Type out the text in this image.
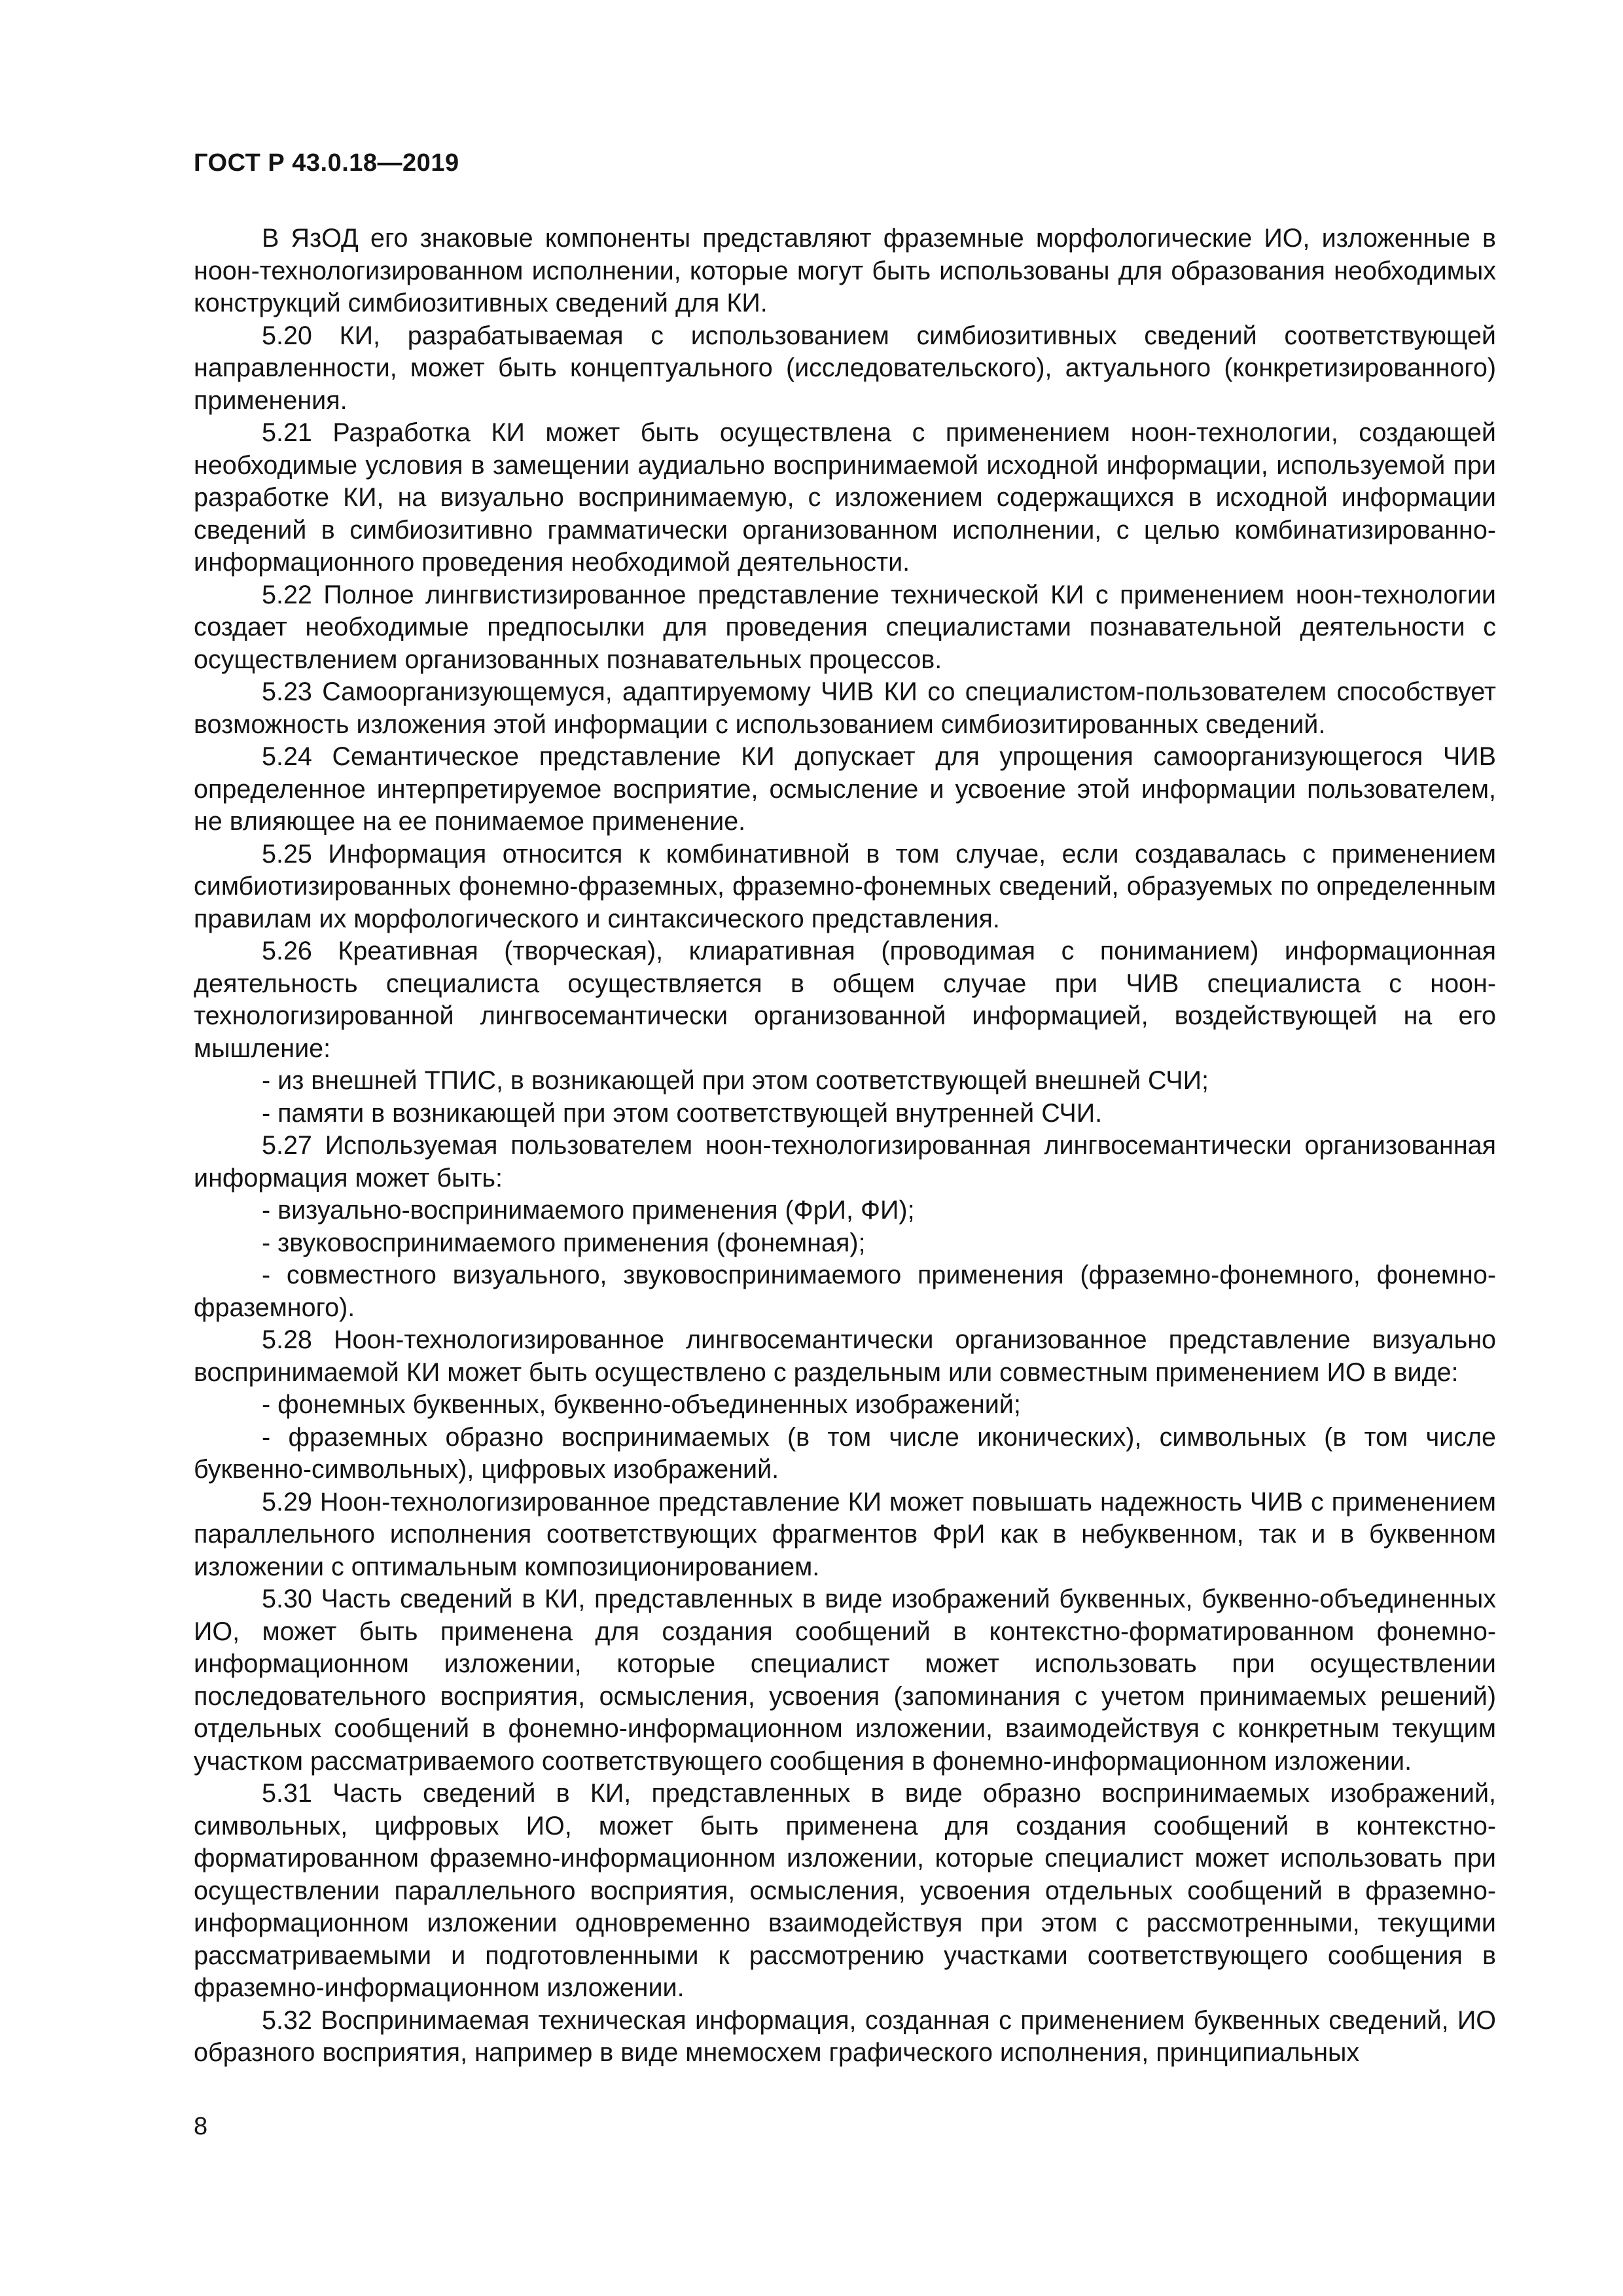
ГОСТ Р 43.0.18—2019

В ЯзОД его знаковые компоненты представляют фраземные морфологические ИО, изложенные в ноон-технологизированном исполнении, которые могут быть использованы для образования необходимых конструкций симбиозитивных сведений для КИ.

5.20 КИ, разрабатываемая с использованием симбиозитивных сведений соответствующей направленности, может быть концептуального (исследовательского), актуального (конкретизированного) применения.

5.21 Разработка КИ может быть осуществлена с применением ноон-технологии, создающей необходимые условия в замещении аудиально воспринимаемой исходной информации, используемой при разработке КИ, на визуально воспринимаемую, с изложением содержащихся в исходной информации сведений в симбиозитивно грамматически организованном исполнении, с целью комбинатизированно-информационного проведения необходимой деятельности.

5.22 Полное лингвистизированное представление технической КИ с применением ноон-технологии создает необходимые предпосылки для проведения специалистами познавательной деятельности с осуществлением организованных познавательных процессов.

5.23 Самоорганизующемуся, адаптируемому ЧИВ КИ со специалистом-пользователем способствует возможность изложения этой информации с использованием симбиозитированных сведений.

5.24 Семантическое представление КИ допускает для упрощения самоорганизующегося ЧИВ определенное интерпретируемое восприятие, осмысление и усвоение этой информации пользователем, не влияющее на ее понимаемое применение.

5.25 Информация относится к комбинативной в том случае, если создавалась с применением симбиотизированных фонемно-фраземных, фраземно-фонемных сведений, образуемых по определенным правилам их морфологического и синтаксического представления.

5.26 Креативная (творческая), клиаративная (проводимая с пониманием) информационная деятельность специалиста осуществляется в общем случае при ЧИВ специалиста с ноон-технологизированной лингвосемантически организованной информацией, воздействующей на его мышление:

- из внешней ТПИС, в возникающей при этом соответствующей внешней СЧИ;

- памяти в возникающей при этом соответствующей внутренней СЧИ.

5.27 Используемая пользователем ноон-технологизированная лингвосемантически организованная информация может быть:

- визуально-воспринимаемого применения (ФрИ, ФИ);

- звуковоспринимаемого применения (фонемная);

- совместного визуального, звуковоспринимаемого применения (фраземно-фонемного, фонемно-фраземного).

5.28 Ноон-технологизированное лингвосемантически организованное представление визуально воспринимаемой КИ может быть осуществлено с раздельным или совместным применением ИО в виде:

- фонемных буквенных, буквенно-объединенных изображений;

- фраземных образно воспринимаемых (в том числе иконических), символьных (в том числе буквенно-символьных), цифровых изображений.

5.29 Ноон-технологизированное представление КИ может повышать надежность ЧИВ с применением параллельного исполнения соответствующих фрагментов ФрИ как в небуквенном, так и в буквенном изложении с оптимальным композиционированием.

5.30 Часть сведений в КИ, представленных в виде изображений буквенных, буквенно-объединенных ИО, может быть применена для создания сообщений в контекстно-форматированном фонемно-информационном изложении, которые специалист может использовать при осуществлении последовательного восприятия, осмысления, усвоения (запоминания с учетом принимаемых решений) отдельных сообщений в фонемно-информационном изложении, взаимодействуя с конкретным текущим участком рассматриваемого соответствующего сообщения в фонемно-информационном изложении.

5.31 Часть сведений в КИ, представленных в виде образно воспринимаемых изображений, символьных, цифровых ИО, может быть применена для создания сообщений в контекстно-форматированном фраземно-информационном изложении, которые специалист может использовать при осуществлении параллельного восприятия, осмысления, усвоения отдельных сообщений в фраземно-информационном изложении одновременно взаимодействуя при этом с рассмотренными, текущими рассматриваемыми и подготовленными к рассмотрению участками соответствующего сообщения в фраземно-информационном изложении.

5.32 Воспринимаемая техническая информация, созданная с применением буквенных сведений, ИО образного восприятия, например в виде мнемосхем графического исполнения, принципиальных

8
